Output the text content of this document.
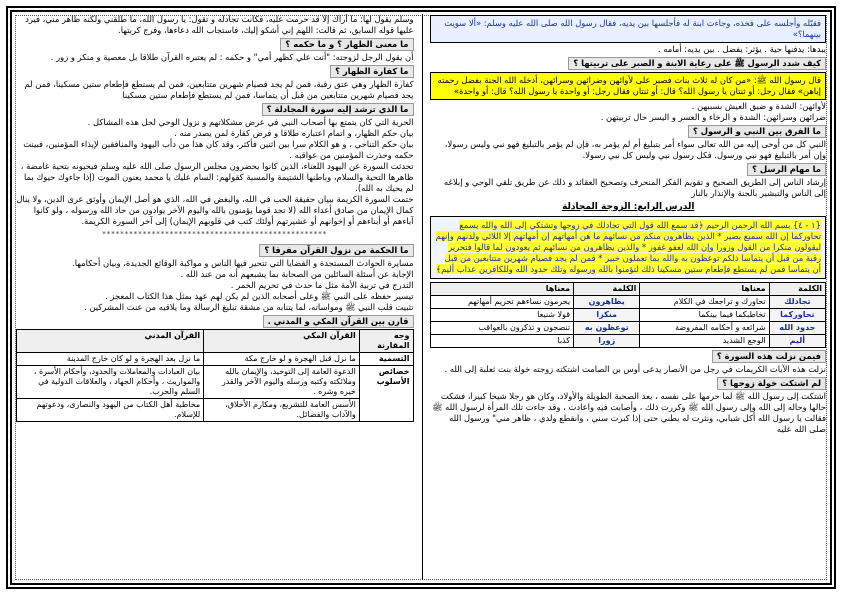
وسلم يقول لها: ما أراك إلا قد حرمت عليه، فكانت تجادله و تقول: يا رسول الله، ما طلقني ولكنه ظاهر مني، فيرد عليها قوله السابق، ثم قالت: اللهم إني أشكو إليك، فاستجاب الله دعاءها، وفرج كربتها.
ما معنى الظهار ؟ و ما حكمه ؟
أن يقول الرجل لزوجته: "أنت علي كظهر أمي" و حكمه : لم يعتبره القرآن طلاقا بل معصية و منكر و زور .
ما كفارة الظهار ؟
كفارة الظهار وهي عتق رقبة، فمن لم يجد فصيام شهرين متتابعين، فمن لم يستطع فإطعام ستين مسكينا، فمن لم يجد فصيام شهرين متتابعين من قبل أن يتماسا، فمن لم يستطع فإطعام ستين مسكينا
ما الذي ترشد إليه سورة المجادلة ؟
الحرية التي كان يتمتع بها أصحاب النبي في عرض مشكلاتهم و نزول الوحي لحل هذه المشاكل .
بيان حكم الظهار، و اتمام اعتباره طلاقا و فرض كفارة لمن يصدر منه .
بيان حكم التناجي ، و هو الكلام سرا بين اثنين فأكثر، وقد كان هذا من دأب اليهود والمنافقين لإيذاء المؤمنين، فبينت حكمه وحذرت المؤمنين من عواقبه .
تحدثت السورة عن اليهود اللعناء، الذين كانوا يحضرون مجلس الرسول صلى الله عليه وسلم فيحيونه بتحية غامضة ، ظاهرها التحية والسلام، وباطنها الشتيمة والمسبة كقولهم: السام عليك يا محمد يعنون الموت (إذا جاءوك حيوك بما لم يحيك به الله).
ختمت السورة الكريمة ببيان حقيقة الحب في الله، والبغض في الله، الذي هو أصل الإيمان وأوثق عرى الدين، ولا ينال كمال الإيمان من صادق أعداء الله (لا تجد قوما يؤمنون بالله واليوم الآخر يوادون من حاد الله ورسوله ، ولو كانوا آباءهم أو أبناءهم أو إخوانهم أو عشيرتهم أولئك كتب في قلوبهم الإيمان) إلى آخر السورة الكريمة.
**************************************************
ما الحكمة من نزول القرآن مفرقا ؟
مسايرة الحوادث المستجدة و القضايا التي تتحير فيها الناس و مواكبة الوقائع الجديدة، وبيان أحكامها.
الإجابة عن أسئلة السائلين من الصحابة بما يشبعهم أنه من عند الله .
التدرج في تربية الأمة مثل ما حدث في تحريم الخمر .
تيسير حفظه على النبي ﷺ وعلى أصحابه الذين لم يكن لهم عهد بمثل هذا الكتاب المعجز .
تثبيت قلب النبي ﷺ ومواساته، لما يتنابه من مشقة تبليغ الرسالة وما يلاقيه من عنت المشركين .
قارن بين القرآن المكي و المدني .
وجه المقارنة	القرآن المكي	القرآن المدني
التسمية	ما نزل قبل الهجرة و لو خارج مكة	ما نزل بعد الهجرة و لو كان خارج المدينة
خصائص الأسلوب	الدعوة العامة إلى التوحيد، والإيمان بالله وملائكته وكتبه ورسله واليوم الآخر والقدر خيره وشره .	بيان العبادات والمعاملات والحدود، وأحكام الأسرة ، والمواريث ، وأحكام الجهاد ، والعلاقات الدولية في السلم والحرب.
	الأسس العامة للتشريع، ومكارم الأخلاق، والآداب والفضائل.	مخاطبة أهل الكتاب من اليهود والنصارى، ودعوتهم للإسلام.
فقبّله وأجلسه على فخذه، وجاءت ابنة له فأجلسها بين يديه، فقال رسول الله صلى الله عليه وسلم: «ألا سويت بينهما؟»
يبدها: يدفنها حية . يؤثر: يفضل . بين يديه: أمامه .
كيف شدد الرسول ﷺ على رعاية الابنة و الصبر على تربيتها ؟
قال رسول الله ﷺ: «من كان له ثلاث بنات فصبر على لأوائهن وضرائهن وسرائهن، أدخله الله الجنة بفضل رحمته إياهن» فقال رجل: أو ثنتان يا رسول الله؟ قال: أو ثنتان فقال رجل: أو واحدة يا رسول الله؟ قال: أو واحدة»
لأوائهن: الشدة و ضيق العيش بسببهن .
ضرائهن وسرائهن: الشدة و الرخاء و العسر و اليسر حال تربيتهن .
ما الفرق بين النبي و الرسول ؟
النبي كل من أوحى إليه من الله تعالى سواء أمر بتبليغ أم لم يؤمر به، فإن لم يؤمر بالتبليغ فهو نبي وليس رسولا، وإن أمر بالتبليغ فهو نبي ورسول. فكل رسول نبي وليس كل نبي رسولا.
ما مهام الرسل ؟
إرشاد الناس إلى الطريق الصحيح و تقويم الفكر المنحرف وتصحيح العقائد و ذلك عن طريق تلقي الوحي و إبلاغه إلى الناس والتبشير بالجنة والإنذار بالنار
الدرس الرابع: الزوجة المجادلة
{١ - ٤} بسم الله الرحمن الرحيم ﴿قد سمع الله قول التي تجادلك في زوجها وتشتكي إلى الله والله يسمع تحاوركما إن الله سميع بصير * الذين يظاهرون منكم من نسائهم ما هن أمهاتهم إن أمهاتهم إلا اللائي ولدنهم وإنهم ليقولون منكرا من القول وزورا وإن الله لعفو غفور * والذين يظاهرون من نسائهم ثم يعودون لما قالوا فتحرير رقبة من قبل أن يتماسا ذلكم توعظون به والله بما تعملون خبير * فمن لم يجد فصيام شهرين متتابعين من قبل أن يتماسا فمن لم يستطع فإطعام ستين مسكينا ذلك لتؤمنوا بالله ورسوله وتلك حدود الله وللكافرين عذاب أليم﴾
الكلمة	معناها	الكلمة	معناها
تجادلك	تحاورك و تراجعك في الكلام	يظاهرون	يحرمون نساءهم تحريم أمهاتهم
تحاوركما	تخاطبكما فيما بينكما	منكرا	قولا شنيعا
حدود الله	شرائعه و أحكامه المفروضة	توعظون به	تنصحون و تذكرون بالعواقب
أليم	الوجع الشديد	زورا	كذبا
فيمن نزلت هذه السورة ؟
نزلت هذه الآيات الكريمات في رجل من الأنصار يدعى أوس بن الصامت اشتكته زوجته خولة بنت ثعلبة إلى الله .
لم اشتكت خولة زوجها ؟
اشتكت إلى رسول الله ﷺ لما حرمها على نفسه ، بعد الصحبة الطويلة والأولاد، وكان هو رجلا شيخا كبيرا، فشكت حالها وحاله إلى الله وإلى رسول الله ﷺ وكررت ذلك ، وأصابت فيه واعادت ، وقد جاءت تلك المرأة لرسول الله ﷺ فقالت يا رسول الله أكل شبابي، ونثرت له بطني حتى إذا كبرت سني ، وانقطع ولدي ، ظاهر مني" ورسول الله صلى الله عليه
